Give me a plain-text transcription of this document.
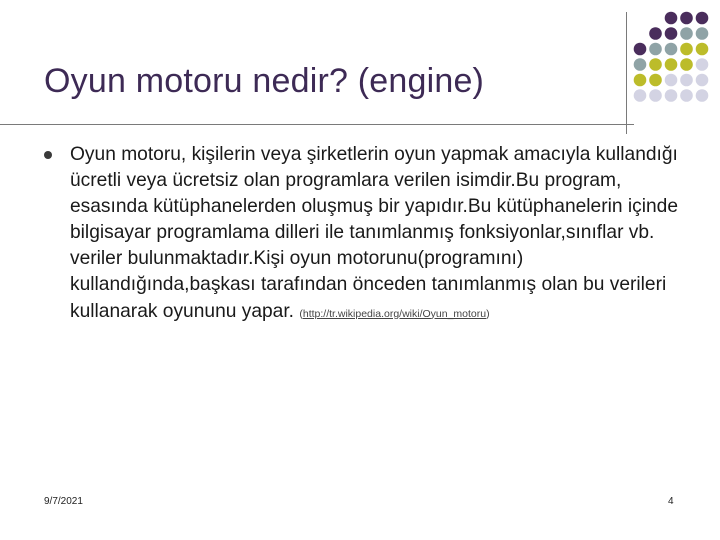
Oyun motoru nedir? (engine)
Oyun motoru, kişilerin veya şirketlerin oyun yapmak amacıyla kullandığı ücretli veya ücretsiz olan programlara verilen isimdir.Bu program, esasında kütüphanelerden oluşmuş bir yapıdır.Bu kütüphanelerin içinde bilgisayar programlama dilleri ile tanımlanmış fonksiyonlar,sınıflar vb. veriler bulunmaktadır.Kişi oyun motorunu(programını) kullandığında,başkası tarafından önceden tanımlanmış olan bu verileri kullanarak oyununu yapar. (http://tr.wikipedia.org/wiki/Oyun_motoru)
9/7/2021	4
